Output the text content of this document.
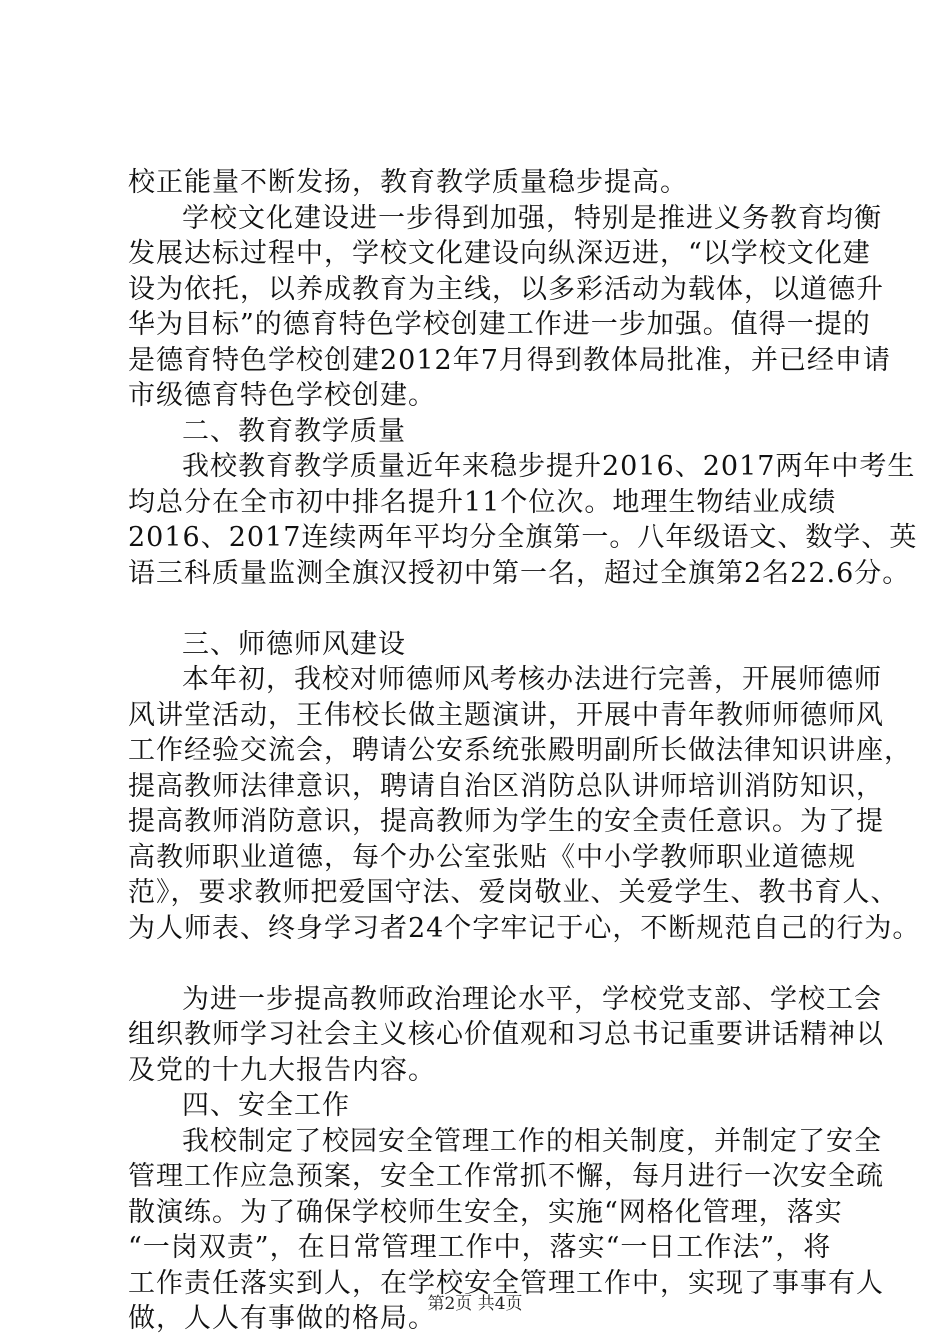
校正能量不断发扬，教育教学质量稳步提高。
学校文化建设进一步得到加强，特别是推进义务教育均衡
发展达标过程中，学校文化建设向纵深迈进，“以学校文化建
设为依托，以养成教育为主线，以多彩活动为载体，以道德升
华为目标”的德育特色学校创建工作进一步加强。值得一提的
是德育特色学校创建2012年7月得到教体局批准，并已经申请
市级德育特色学校创建。
二、教育教学质量
我校教育教学质量近年来稳步提升2016、2017两年中考生
均总分在全市初中排名提升11个位次。地理生物结业成绩
2016、2017连续两年平均分全旗第一。八年级语文、数学、英
语三科质量监测全旗汉授初中第一名，超过全旗第2名22.6分。
三、师德师风建设
本年初，我校对师德师风考核办法进行完善，开展师德师
风讲堂活动，王伟校长做主题演讲，开展中青年教师师德师风
工作经验交流会，聘请公安系统张殿明副所长做法律知识讲座，
提高教师法律意识，聘请自治区消防总队讲师培训消防知识，
提高教师消防意识，提高教师为学生的安全责任意识。为了提
高教师职业道德，每个办公室张贴《中小学教师职业道德规
范》，要求教师把爱国守法、爱岗敬业、关爱学生、教书育人、
为人师表、终身学习者24个字牢记于心，不断规范自己的行为。
为进一步提高教师政治理论水平，学校党支部、学校工会
组织教师学习社会主义核心价值观和习总书记重要讲话精神以
及党的十九大报告内容。
四、安全工作
我校制定了校园安全管理工作的相关制度，并制定了安全
管理工作应急预案，安全工作常抓不懈，每月进行一次安全疏
散演练。为了确保学校师生安全，实施“网格化管理，落实
“一岗双责”，在日常管理工作中，落实“一日工作法”，将
工作责任落实到人，在学校安全管理工作中，实现了事事有人
做，人人有事做的格局。
第2页 共4页
